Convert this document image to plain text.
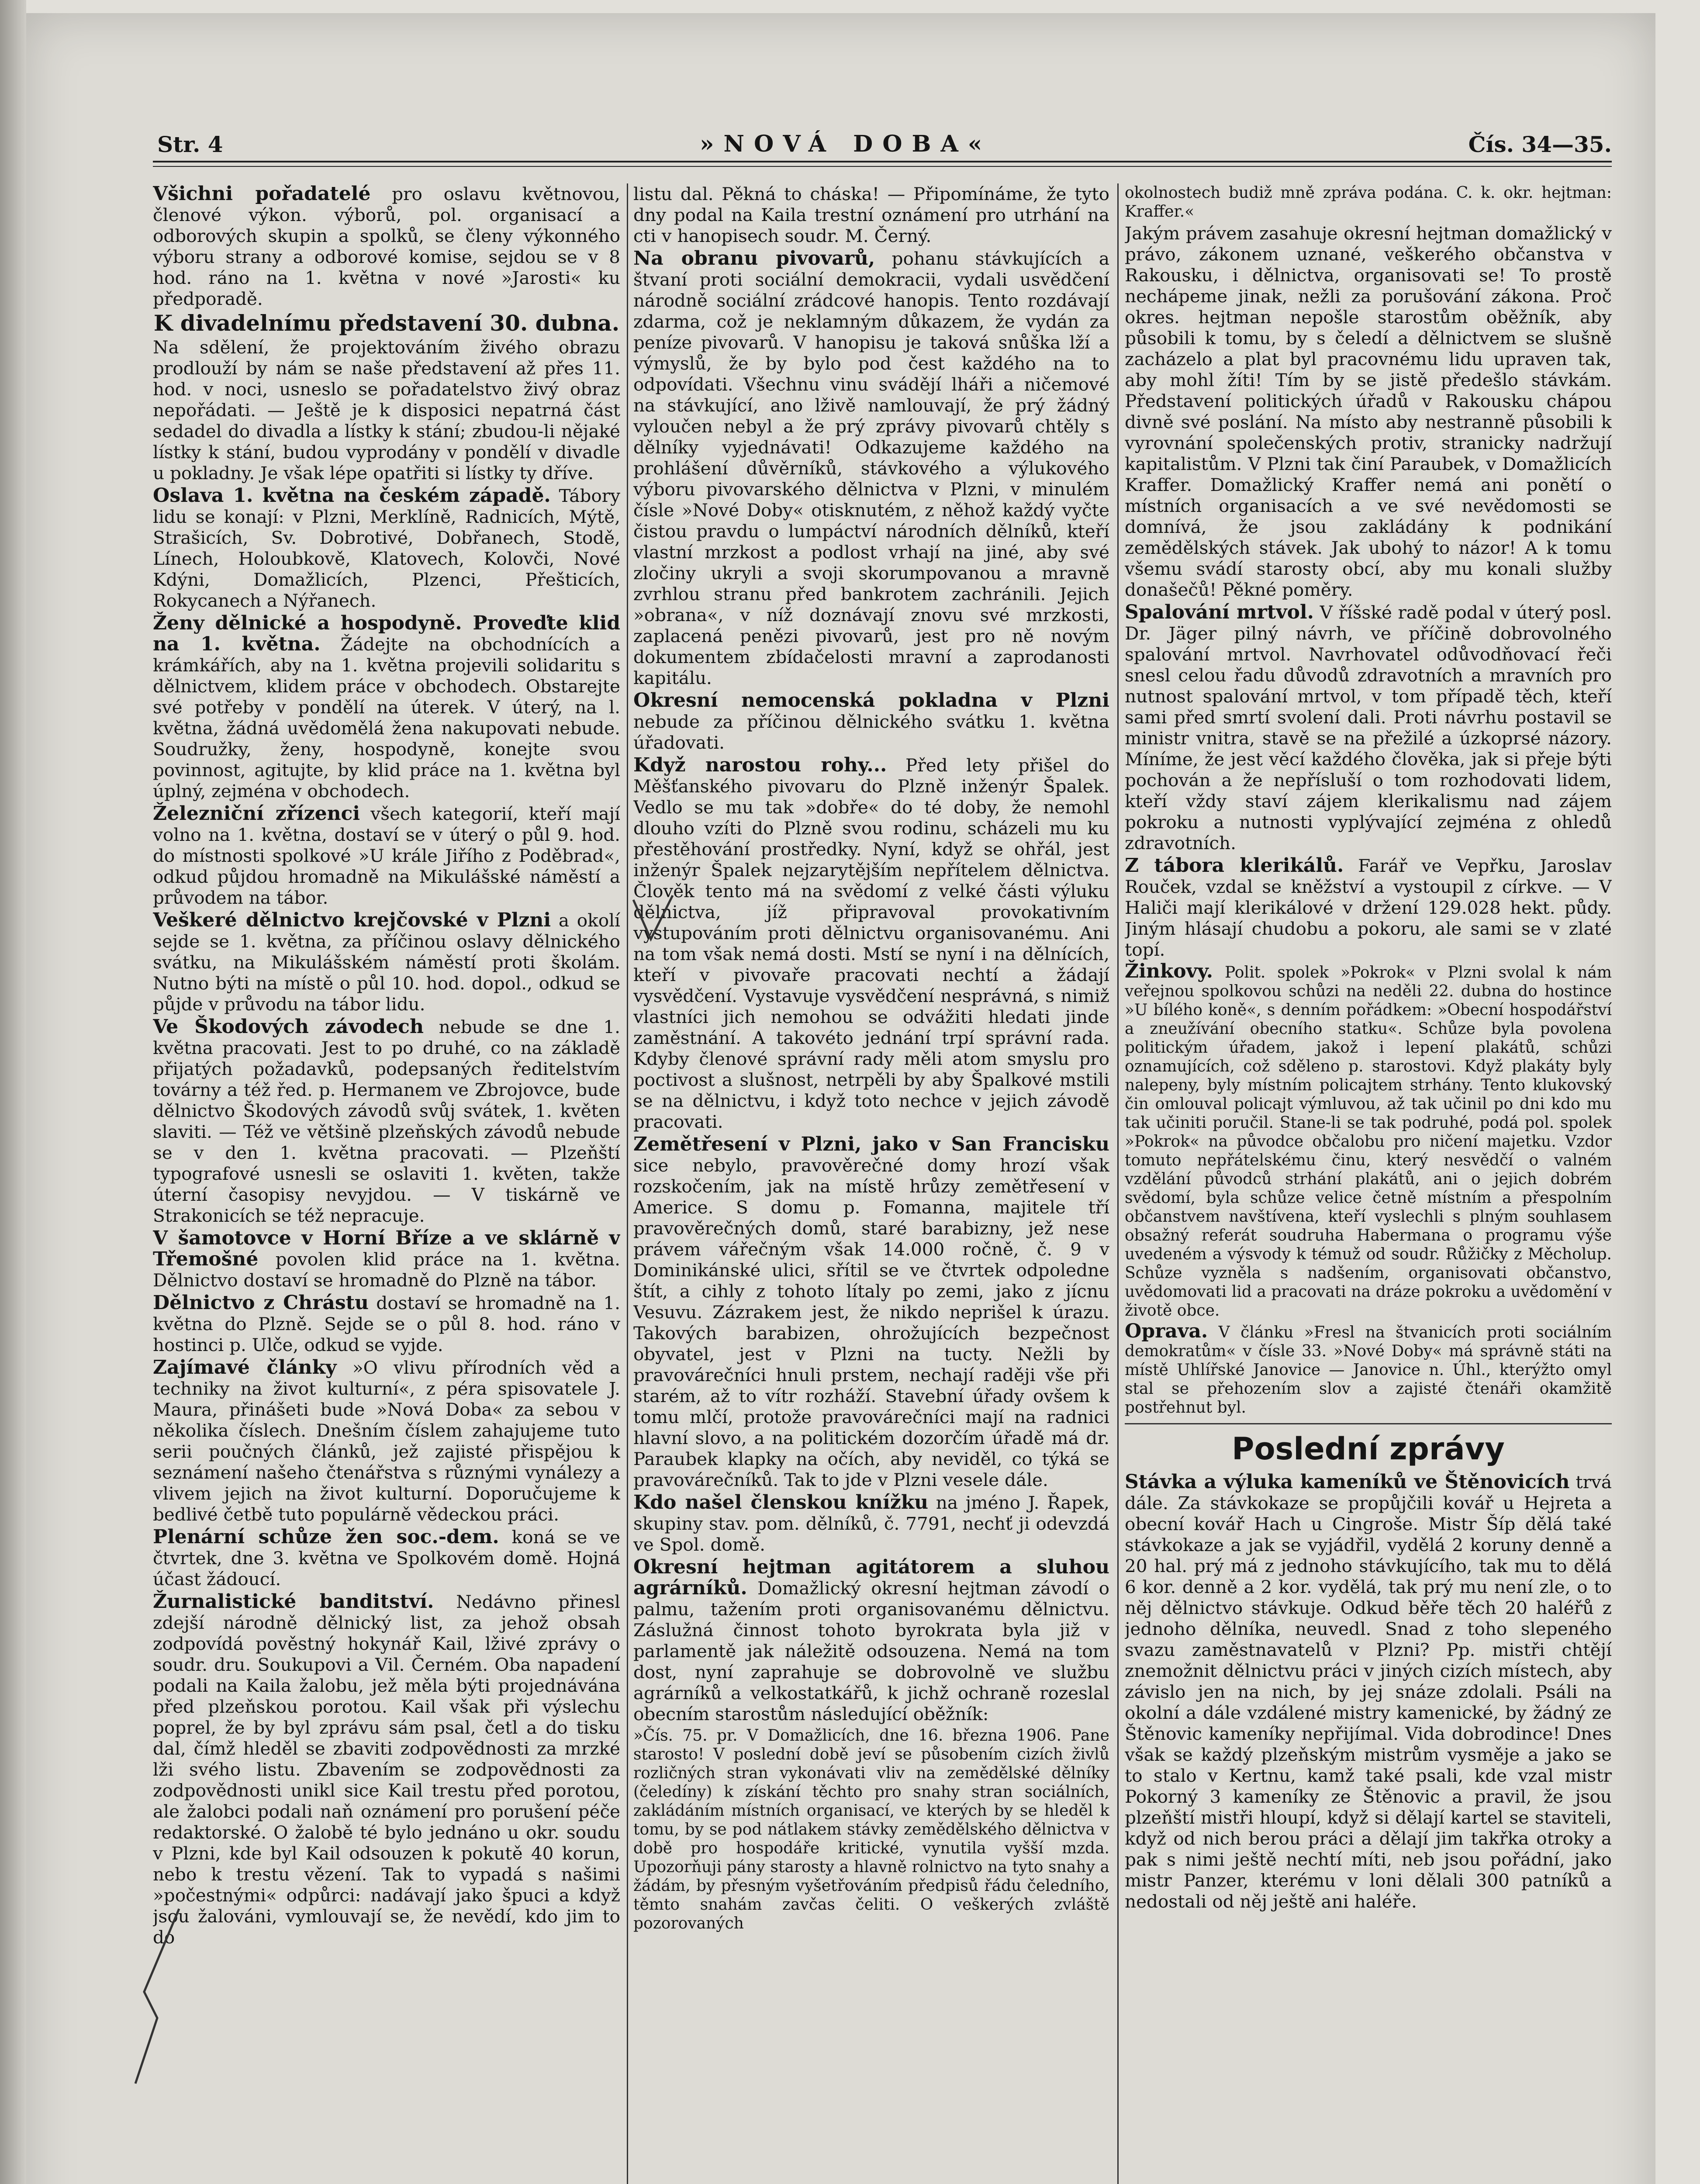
Str. 4	»NOVÁ DOBA«	Čís. 34—35.

Všichni pořadatelé pro oslavu květnovou, členové výkon. výborů, pol. organisací a odborových skupin a spolků, se členy výkonného výboru strany a odborové komise, sejdou se v 8 hod. ráno na 1. května v nové »Jarosti« ku předporadě.

K divadelnímu představení 30. dubna.

Na sdělení, že projektováním živého obrazu prodlouží by nám se naše představení až přes 11. hod. v noci, usneslo se pořadatelstvo živý obraz nepořádati. — Ještě je k disposici nepatrná část sedadel do divadla a lístky k stání; zbudou-li nějaké lístky k stání, budou vyprodány v pondělí v divadle u pokladny. Je však lépe opatřiti si lístky ty dříve.

Oslava 1. května na českém západě. Tábory lidu se konají: v Plzni, Merklíně, Radnicích, Mýtě, Strašicích, Sv. Dobrotivé, Dobřanech, Stodě, Línech, Holoubkově, Klatovech, Kolovči, Nové Kdýni, Domažlicích, Plzenci, Přešticích, Rokycanech a Nýřanech.

Ženy dělnické a hospodyně. Proveďte klid na 1. května. Žádejte na obchodnících a krámkářích, aby na 1. května projevili solidaritu s dělnictvem, klidem práce v obchodech. Obstarejte své potřeby v pondělí na úterek. V úterý, na l. května, žádná uvědomělá žena nakupovati nebude. Soudružky, ženy, hospodyně, konejte svou povinnost, agitujte, by klid práce na 1. května byl úplný, zejména v obchodech.

Železniční zřízenci všech kategorií, kteří mají volno na 1. května, dostaví se v úterý o půl 9. hod. do místnosti spolkové »U krále Jiřího z Poděbrad«, odkud půjdou hromadně na Mikulášské náměstí a průvodem na tábor.

Veškeré dělnictvo krejčovské v Plzni a okolí sejde se 1. května, za příčinou oslavy dělnického svátku, na Mikulášském náměstí proti školám. Nutno býti na místě o půl 10. hod. dopol., odkud se půjde v průvodu na tábor lidu.

Ve Škodových závodech nebude se dne 1. května pracovati. Jest to po druhé, co na základě přijatých požadavků, podepsaných ředitelstvím továrny a též řed. p. Hermanem ve Zbrojovce, bude dělnictvo Škodových závodů svůj svátek, 1. květen slaviti. — Též ve většině plzeňských závodů nebude se v den 1. května pracovati. — Plzeňští typografové usnesli se oslaviti 1. květen, takže úterní časopisy nevyjdou. — V tiskárně ve Strakonicích se též nepracuje.

V šamotovce v Horní Bříze a ve sklárně v Třemošné povolen klid práce na 1. května. Dělnictvo dostaví se hromadně do Plzně na tábor.

Dělnictvo z Chrástu dostaví se hromadně na 1. května do Plzně. Sejde se o půl 8. hod. ráno v hostinci p. Ulče, odkud se vyjde.

Zajímavé články »O vlivu přírodních věd a techniky na život kulturní«, z péra spisovatele J. Maura, přinášeti bude »Nová Doba« za sebou v několika číslech. Dnešním číslem zahajujeme tuto serii poučných článků, jež zajisté přispějou k seznámení našeho čtenářstva s různými vynálezy a vlivem jejich na život kulturní. Doporučujeme k bedlivé četbě tuto populárně vědeckou práci.

Plenární schůze žen soc.-dem. koná se ve čtvrtek, dne 3. května ve Spolkovém domě. Hojná účast žádoucí.

Žurnalistické banditství. Nedávno přinesl zdejší národně dělnický list, za jehož obsah zodpovídá pověstný hokynář Kail, lživé zprávy o soudr. dru. Soukupovi a Vil. Černém. Oba napadení podali na Kaila žalobu, jež měla býti projednávána před plzeňskou porotou. Kail však při výslechu poprel, že by byl zprávu sám psal, četl a do tisku dal, čímž hleděl se zbaviti zodpovědnosti za mrzké lži svého listu. Zbavením se zodpovědnosti za zodpovědnosti unikl sice Kail trestu před porotou, ale žalobci podali naň oznámení pro porušení péče redaktorské. O žalobě té bylo jednáno u okr. soudu v Plzni, kde byl Kail odsouzen k pokutě 40 korun, nebo k trestu vězení. Tak to vypadá s našimi »počestnými« odpůrci: nadávají jako špuci a když jsou žalováni, vymlouvají se, že nevědí, kdo jim to do

listu dal. Pěkná to cháska! — Připomínáme, že tyto dny podal na Kaila trestní oznámení pro utrhání na cti v hanopisech soudr. M. Černý.

Na obranu pivovarů, pohanu stávkujících a štvaní proti sociální demokracii, vydali usvědčení národně sociální zrádcové hanopis. Tento rozdávají zdarma, což je neklamným důkazem, že vydán za peníze pivovarů. V hanopisu je taková snůška lží a výmyslů, že by bylo pod čest každého na to odpovídati. Všechnu vinu svádějí lháři a ničemové na stávkující, ano lživě namlouvají, že prý žádný vyloučen nebyl a že prý zprávy pivovarů chtěly s dělníky vyjednávati! Odkazujeme každého na prohlášení důvěrníků, stávkového a výlukového výboru pivovarského dělnictva v Plzni, v minulém čísle »Nové Doby« otisknutém, z něhož každý vyčte čistou pravdu o lumpáctví národních dělníků, kteří vlastní mrzkost a podlost vrhají na jiné, aby své zločiny ukryli a svoji skorumpovanou a mravně zvrhlou stranu před bankrotem zachránili. Jejich »obrana«, v níž doznávají znovu své mrzkosti, zaplacená penězi pivovarů, jest pro ně novým dokumentem zbídačelosti mravní a zaprodanosti kapitálu.

Okresní nemocenská pokladna v Plzni nebude za příčinou dělnického svátku 1. května úřadovati.

Když narostou rohy... Před lety přišel do Měšťanského pivovaru do Plzně inženýr Špalek. Vedlo se mu tak »dobře« do té doby, že nemohl dlouho vzíti do Plzně svou rodinu, scházeli mu ku přestěhování prostředky. Nyní, když se ohřál, jest inženýr Špalek nejzarytějším nepřítelem dělnictva. Člověk tento má na svědomí z velké části výluku dělnictva, jíž připravoval provokativním vystupováním proti dělnictvu organisovanému. Ani na tom však nemá dosti. Mstí se nyní i na dělnících, kteří v pivovaře pracovati nechtí a žádají vysvědčení. Vystavuje vysvědčení nesprávná, s nimiž vlastníci jich nemohou se odvážiti hledati jinde zaměstnání. A takovéto jednání trpí správní rada. Kdyby členové správní rady měli atom smyslu pro poctivost a slušnost, netrpěli by aby Špalkové mstili se na dělnictvu, i když toto nechce v jejich závodě pracovati.

Zemětřesení v Plzni, jako v San Francisku sice nebylo, pravověrečné domy hrozí však rozskočením, jak na místě hrůzy zemětřesení v Americe. S domu p. Fomanna, majitele tří pravověrečných domů, staré barabizny, jež nese právem vářečným však 14.000 ročně, č. 9 v Dominikánské ulici, sřítil se ve čtvrtek odpoledne štít, a cihly z tohoto lítaly po zemi, jako z jícnu Vesuvu. Zázrakem jest, že nikdo neprišel k úrazu. Takových barabizen, ohrožujících bezpečnost obyvatel, jest v Plzni na tucty. Nežli by pravovárečníci hnuli prstem, nechají raději vše při starém, až to vítr rozháží. Stavební úřady ovšem k tomu mlčí, protože pravovárečníci mají na radnici hlavní slovo, a na politickém dozorčím úřadě má dr. Paraubek klapky na očích, aby neviděl, co týká se pravovárečníků. Tak to jde v Plzni vesele dále.

Kdo našel členskou knížku na jméno J. Řapek, skupiny stav. pom. dělníků, č. 7791, nechť ji odevzdá ve Spol. domě.

Okresní hejtman agitátorem a sluhou agrárníků. Domažlický okresní hejtman závodí o palmu, tažením proti organisovanému dělnictvu. Záslužná činnost tohoto byrokrata byla již v parlamentě jak náležitě odsouzena. Nemá na tom dost, nyní zaprahuje se dobrovolně ve službu agrárníků a velkostatkářů, k jichž ochraně rozeslal obecním starostům následující oběžník:

»Čís. 75. pr. V Domažlicích, dne 16. března 1906. Pane starosto! V poslední době jeví se působením cizích živlů rozličných stran vykonávati vliv na zemědělské dělníky (čeledíny) k získání těchto pro snahy stran sociálních, zakládáním místních organisací, ve kterých by se hleděl k tomu, by se pod nátlakem stávky zemědělského dělnictva v době pro hospodáře kritické, vynutila vyšší mzda. Upozorňuji pány starosty a hlavně rolnictvo na tyto snahy a žádám, by přesným vyšetřováním předpisů řádu čeledního, těmto snahám zavčas čeliti. O veškerých zvláště pozorovaných

okolnostech budiž mně zpráva podána. C. k. okr. hejtman: Kraffer.«

Jakým právem zasahuje okresní hejtman domažlický v právo, zákonem uznané, veškerého občanstva v Rakousku, i dělnictva, organisovati se! To prostě nechápeme jinak, nežli za porušování zákona. Proč okres. hejtman nepošle starostům oběžník, aby působili k tomu, by s čeledí a dělnictvem se slušně zacházelo a plat byl pracovnému lidu upraven tak, aby mohl žíti! Tím by se jistě předešlo stávkám. Představení politických úřadů v Rakousku chápou divně své poslání. Na místo aby nestranně působili k vyrovnání společenských protiv, stranicky nadržují kapitalistům. V Plzni tak činí Paraubek, v Domažlicích Kraffer. Domažlický Kraffer nemá ani ponětí o místních organisacích a ve své nevědomosti se domnívá, že jsou zakládány k podnikání zemědělských stávek. Jak ubohý to názor! A k tomu všemu svádí starosty obcí, aby mu konali služby donašečů! Pěkné poměry.

Spalování mrtvol. V říšské radě podal v úterý posl. Dr. Jäger pilný návrh, ve příčině dobrovolného spalování mrtvol. Navrhovatel odůvodňovací řeči snesl celou řadu důvodů zdravotních a mravních pro nutnost spalování mrtvol, v tom případě těch, kteří sami před smrtí svolení dali. Proti návrhu postavil se ministr vnitra, stavě se na přežilé a úzkoprsé názory. Míníme, že jest věcí každého člověka, jak si přeje býti pochován a že nepřísluší o tom rozhodovati lidem, kteří vždy staví zájem klerikalismu nad zájem pokroku a nutnosti vyplývající zejména z ohledů zdravotních.

Z tábora klerikálů. Farář ve Vepřku, Jaroslav Rouček, vzdal se kněžství a vystoupil z církve. — V Haliči mají klerikálové v držení 129.028 hekt. půdy. Jiným hlásají chudobu a pokoru, ale sami se v zlaté topí.

Žinkovy. Polit. spolek »Pokrok« v Plzni svolal k nám veřejnou spolkovou schůzi na neděli 22. dubna do hostince »U bílého koně«, s denním pořádkem: »Obecní hospodářství a zneužívání obecního statku«. Schůze byla povolena politickým úřadem, jakož i lepení plakátů, schůzi oznamujících, což sděleno p. starostovi. Když plakáty byly nalepeny, byly místním policajtem strhány. Tento klukovský čin omlouval policajt výmluvou, až tak učinil po dni kdo mu tak učiniti poručil. Stane-li se tak podruhé, podá pol. spolek »Pokrok« na původce občalobu pro ničení majetku. Vzdor tomuto nepřátelskému činu, který nesvědčí o valném vzdělání původců strhání plakátů, ani o jejich dobrém svědomí, byla schůze velice četně místním a přespolním občanstvem navštívena, kteří vyslechli s plným souhlasem obsažný referát soudruha Habermana o programu výše uvedeném a výsvody k témuž od soudr. Růžičky z Měcholup. Schůze vyzněla s nadšením, organisovati občanstvo, uvědomovati lid a pracovati na dráze pokroku a uvědomění v životě obce.

Oprava. V článku »Fresl na štvanicích proti sociálním demokratům« v čísle 33. »Nové Doby« má správně státi na místě Uhlířské Janovice — Janovice n. Úhl., kterýžto omyl stal se přehozením slov a zajisté čtenáři okamžitě postřehnut byl.

Poslední zprávy

Stávka a výluka kameníků ve Štěnovicích trvá dále. Za stávkokaze se propůjčili kovář u Hejreta a obecní kovář Hach u Cingroše. Mistr Šíp dělá také stávkokaze a jak se vyjádřil, vydělá 2 koruny denně a 20 hal. prý má z jednoho stávkujícího, tak mu to dělá 6 kor. denně a 2 kor. vydělá, tak prý mu není zle, o to něj dělnictvo stávkuje. Odkud běře těch 20 haléřů z jednoho dělníka, neuvedl. Snad z toho slepeného svazu zaměstnavatelů v Plzni? Pp. mistři chtějí znemožnit dělnictvu práci v jiných cizích místech, aby závislo jen na nich, by jej snáze zdolali. Psáli na okolní a dále vzdálené mistry kamenické, by žádný ze Štěnovic kameníky nepřijímal. Vida dobrodince! Dnes však se každý plzeňským mistrům vysměje a jako se to stalo v Kertnu, kamž také psali, kde vzal mistr Pokorný 3 kameníky ze Štěnovic a pravil, že jsou plzeňští mistři hloupí, když si dělají kartel se staviteli, když od nich berou práci a dělají jim takřka otroky a pak s nimi ještě nechtí míti, neb jsou pořádní, jako mistr Panzer, kterému v loni dělali 300 patníků a nedostali od něj ještě ani haléře.
